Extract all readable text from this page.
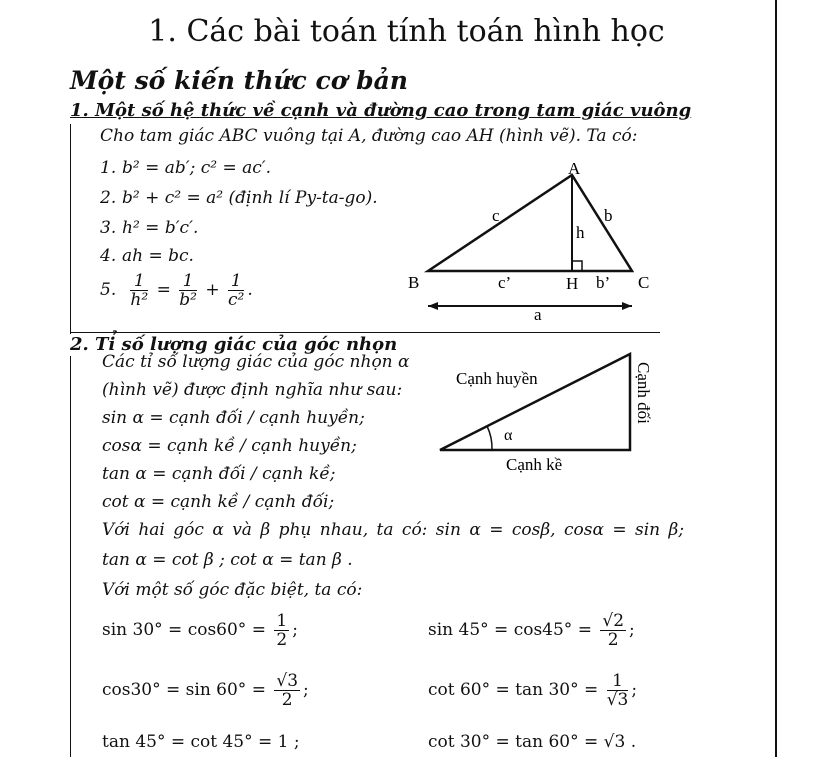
1. Các bài toán tính toán hình học
Một số kiến thức cơ bản
1. Một số hệ thức về cạnh và đường cao trong tam giác vuông
Cho tam giác ABC vuông tại A, đường cao AH (hình vẽ). Ta có:
1. b² = ab′; c² = ac′.
2. b² + c² = a² (định lí Py-ta-go).
3. h² = b′c′.
4. ah = bc.
5. $\frac{1}{\text{h²}} = \frac{1}{\text{b²}} + \frac{1}{\text{c²}}$ .
A
B	C
H
c	b
h
c’	b’
a
2. Tỉ số lượng giác của góc nhọn
Các tỉ số lượng giác của góc nhọn α
(hình vẽ) được định nghĩa như sau:
sin α = cạnh đối / cạnh huyền;
cosα = cạnh kề / cạnh huyền;
tan α = cạnh đối / cạnh kề;
cot α = cạnh kề / cạnh đối;
Cạnh huyền
α
Cạnh kề
Cạnh đối
Với hai góc α và β phụ nhau, ta có: sin α = cosβ, cosα = sin β;
tan α = cot β ; cot α = tan β .
Với một số góc đặc biệt, ta có:
$\sin 30^\circ = \cos 60^\circ = \frac{1}{2}$ ;	$\sin 45^\circ = \cos 45^\circ = \frac{√2}{2}$ ;
$\cos 30^\circ = \sin 60^\circ = \frac{√3}{2}$ ;	$\cot 60^\circ = \tan 30^\circ = \frac{1}{√3}$ ;
tan 45° = cot 45° = 1 ;	cot 30° = tan 60° = √3 .
